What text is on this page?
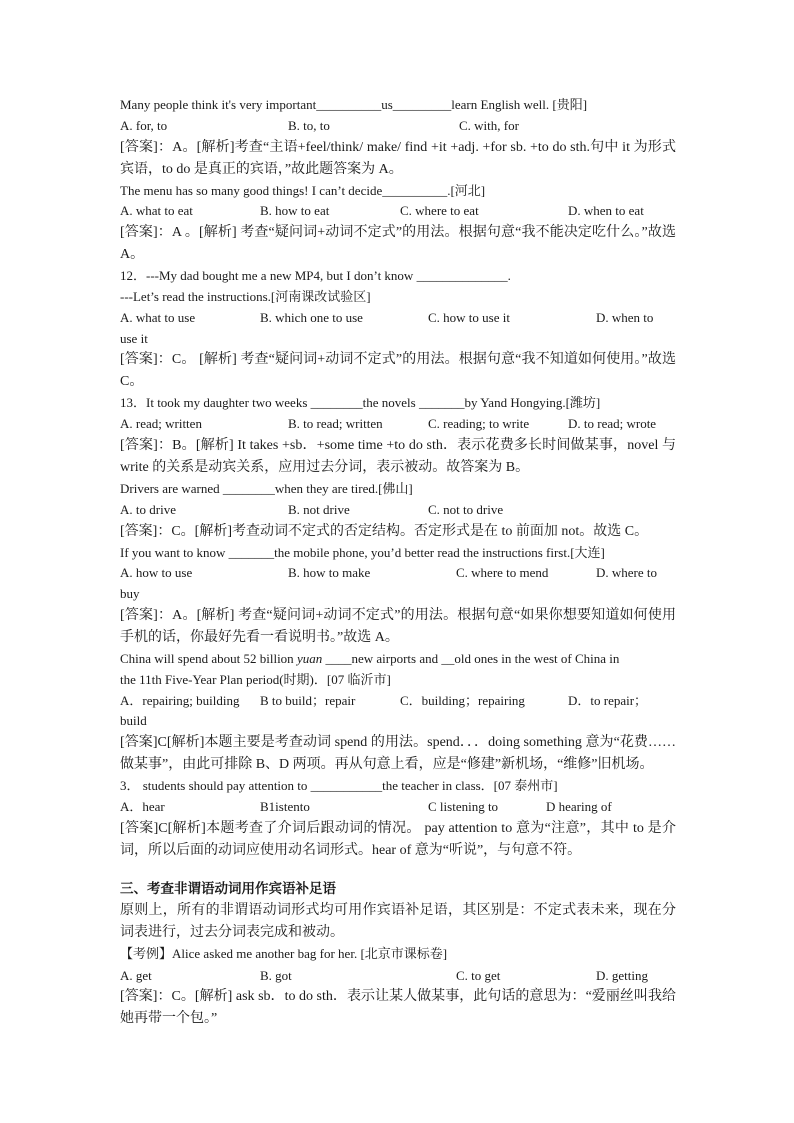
Many people think it's very important__________us_________learn English well. [贵阳]
A. for, to	B. to, to	C. with, for
[答案]：A。[解析]考查“主语+feel/think/ make/ find +it +adj. +for sb. +to do sth.句中 it 为形式宾语，to do 是真正的宾语，”故此题答案为 A。
The menu has so many good things! I can’t decide__________.[河北]
A. what to eat	B. how to eat	C. where to eat	D. when to eat
[答案]：A 。[解析] 考查“疑问词+动词不定式”的用法。根据句意“我不能决定吃什么。”故选 A。
12．---My dad bought me a new MP4, but I don’t know ______________.
---Let’s read the instructions.[河南课改试验区]
A. what to use	B. which one to use	C. how to use it	D. when to
use it
[答案]：C。 [解析] 考查“疑问词+动词不定式”的用法。根据句意“我不知道如何使用。”故选 C。
13．It took my daughter two weeks ________the novels _______by Yand Hongying.[潍坊]
A. read; written	B. to read; written	C. reading; to write	D. to read; wrote
[答案]：B。[解析] It takes +sb．+some time +to do sth．表示花费多长时间做某事，novel 与 write 的关系是动宾关系，应用过去分词，表示被动。故答案为 B。
Drivers are warned ________when they are tired.[佛山]
A. to drive	B. not drive	C. not to drive
[答案]：C。[解析]考查动词不定式的否定结构。否定形式是在 to 前面加 not。故选 C。
If you want to know _______the mobile phone, you’d better read the instructions first.[大连]
A. how to use	B. how to make	C. where to mend	D. where to
buy
[答案]：A。[解析] 考查“疑问词+动词不定式”的用法。根据句意“如果你想要知道如何使用手机的话，你最好先看一看说明书。”故选 A。
China will spend about 52 billion yuan ____new airports and __old ones in the west of China in
the 11th Five-Year Plan period(时期)．[07 临沂市]
A．repairing; building	B to build；repair	C．building；repairing	D．to repair；
build
[答案]C[解析]本题主要是考查动词 spend 的用法。spend．．．doing something 意为“花费……做某事”，由此可排除 B、D 两项。再从句意上看，应是“修建”新机场，“维修”旧机场。
3． students should pay attention to ___________the teacher in class．[07 泰州市]
A．hear	B1istento	C listening to	D hearing of
[答案]C[解析]本题考查了介词后跟动词的情况。 pay attention to 意为“注意”，其中 to 是介词，所以后面的动词应使用动名词形式。hear of 意为“听说”，与句意不符。
三、考查非谓语动词用作宾语补足语
原则上，所有的非谓语动词形式均可用作宾语补足语，其区别是：不定式表未来，现在分词表进行，过去分词表完成和被动。
【考例】Alice asked me another bag for her. [北京市课标卷]
A. get	B. got	C. to get	D. getting
[答案]：C。[解析] ask sb．to do sth．表示让某人做某事，此句话的意思为：“爱丽丝叫我给她再带一个包。”
